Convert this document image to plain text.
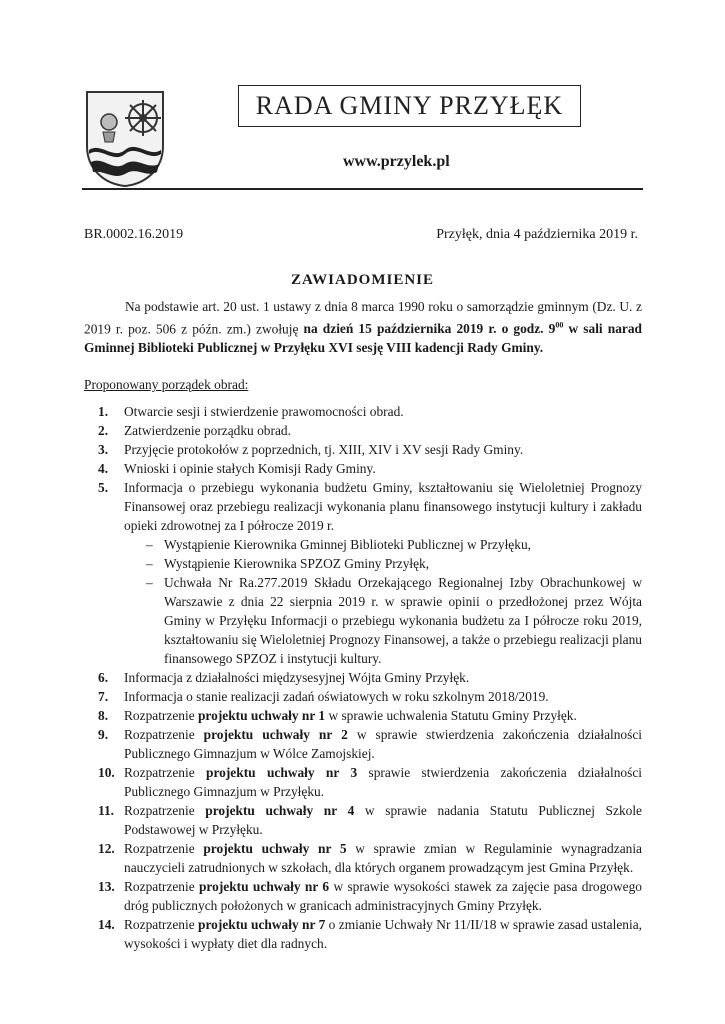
RADA GMINY PRZYŁĘK
www.przylek.pl
BR.0002.16.2019	Przyłęk, dnia 4 października 2019 r.
ZAWIADOMIENIE

Na podstawie art. 20 ust. 1 ustawy z dnia 8 marca 1990 roku o samorządzie gminnym (Dz. U. z 2019 r. poz. 506 z późn. zm.) zwołuję na dzień 15 października 2019 r. o godz. $9^{00}$ w sali narad Gminnej Biblioteki Publicznej w Przyłęku XVI sesję VIII kadencji Rady Gminy.

Proponowany porządek obrad:
1. Otwarcie sesji i stwierdzenie prawomocności obrad.
2. Zatwierdzenie porządku obrad.
3. Przyjęcie protokołów z poprzednich, tj. XIII, XIV i XV sesji Rady Gminy.
4. Wnioski i opinie stałych Komisji Rady Gminy.
5. Informacja o przebiegu wykonania budżetu Gminy, kształtowaniu się Wieloletniej Prognozy Finansowej oraz przebiegu realizacji wykonania planu finansowego instytucji kultury i zakładu opieki zdrowotnej za I półrocze 2019 r.
– Wystąpienie Kierownika Gminnej Biblioteki Publicznej w Przyłęku,
– Wystąpienie Kierownika SPZOZ Gminy Przyłęk,
– Uchwała Nr Ra.277.2019 Składu Orzekającego Regionalnej Izby Obrachunkowej w Warszawie z dnia 22 sierpnia 2019 r. w sprawie opinii o przedłożonej przez Wójta Gminy w Przyłęku Informacji o przebiegu wykonania budżetu za I półrocze roku 2019, kształtowaniu się Wieloletniej Prognozy Finansowej, a także o przebiegu realizacji planu finansowego SPZOZ i instytucji kultury.
6. Informacja z działalności międzysesyjnej Wójta Gminy Przyłęk.
7. Informacja o stanie realizacji zadań oświatowych w roku szkolnym 2018/2019.
8. Rozpatrzenie projektu uchwały nr 1 w sprawie uchwalenia Statutu Gminy Przyłęk.
9. Rozpatrzenie projektu uchwały nr 2 w sprawie stwierdzenia zakończenia działalności Publicznego Gimnazjum w Wólce Zamojskiej.
10. Rozpatrzenie projektu uchwały nr 3 sprawie stwierdzenia zakończenia działalności Publicznego Gimnazjum w Przyłęku.
11. Rozpatrzenie projektu uchwały nr 4 w sprawie nadania Statutu Publicznej Szkole Podstawowej w Przyłęku.
12. Rozpatrzenie projektu uchwały nr 5 w sprawie zmian w Regulaminie wynagradzania nauczycieli zatrudnionych w szkołach, dla których organem prowadzącym jest Gmina Przyłęk.
13. Rozpatrzenie projektu uchwały nr 6 w sprawie wysokości stawek za zajęcie pasa drogowego dróg publicznych położonych w granicach administracyjnych Gminy Przyłęk.
14. Rozpatrzenie projektu uchwały nr 7 o zmianie Uchwały Nr 11/II/18 w sprawie zasad ustalenia, wysokości i wypłaty diet dla radnych.
